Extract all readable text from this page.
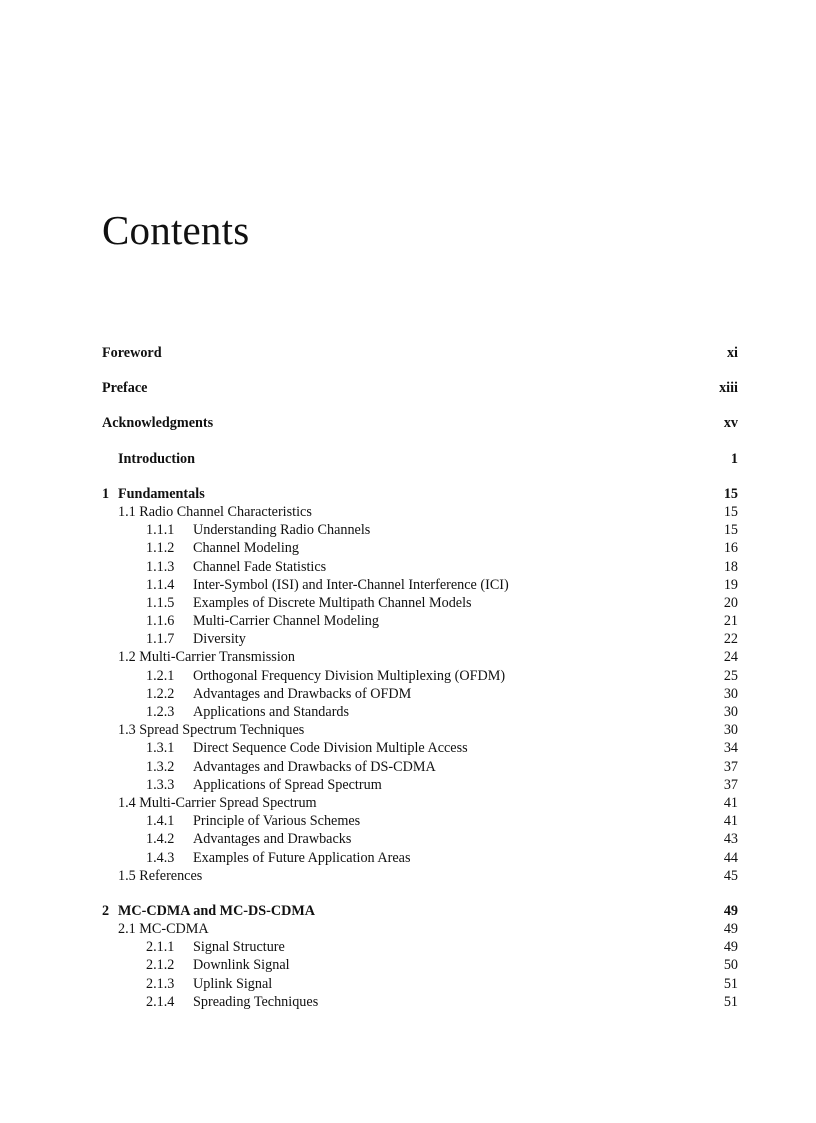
Contents
Foreword	xi
Preface	xiii
Acknowledgments	xv
Introduction	1
1 Fundamentals	15
1.1 Radio Channel Characteristics	15
1.1.1	Understanding Radio Channels	15
1.1.2	Channel Modeling	16
1.1.3	Channel Fade Statistics	18
1.1.4	Inter-Symbol (ISI) and Inter-Channel Interference (ICI)	19
1.1.5	Examples of Discrete Multipath Channel Models	20
1.1.6	Multi-Carrier Channel Modeling	21
1.1.7	Diversity	22
1.2 Multi-Carrier Transmission	24
1.2.1	Orthogonal Frequency Division Multiplexing (OFDM)	25
1.2.2	Advantages and Drawbacks of OFDM	30
1.2.3	Applications and Standards	30
1.3 Spread Spectrum Techniques	30
1.3.1	Direct Sequence Code Division Multiple Access	34
1.3.2	Advantages and Drawbacks of DS-CDMA	37
1.3.3	Applications of Spread Spectrum	37
1.4 Multi-Carrier Spread Spectrum	41
1.4.1	Principle of Various Schemes	41
1.4.2	Advantages and Drawbacks	43
1.4.3	Examples of Future Application Areas	44
1.5 References	45
2 MC-CDMA and MC-DS-CDMA	49
2.1 MC-CDMA	49
2.1.1	Signal Structure	49
2.1.2	Downlink Signal	50
2.1.3	Uplink Signal	51
2.1.4	Spreading Techniques	51
